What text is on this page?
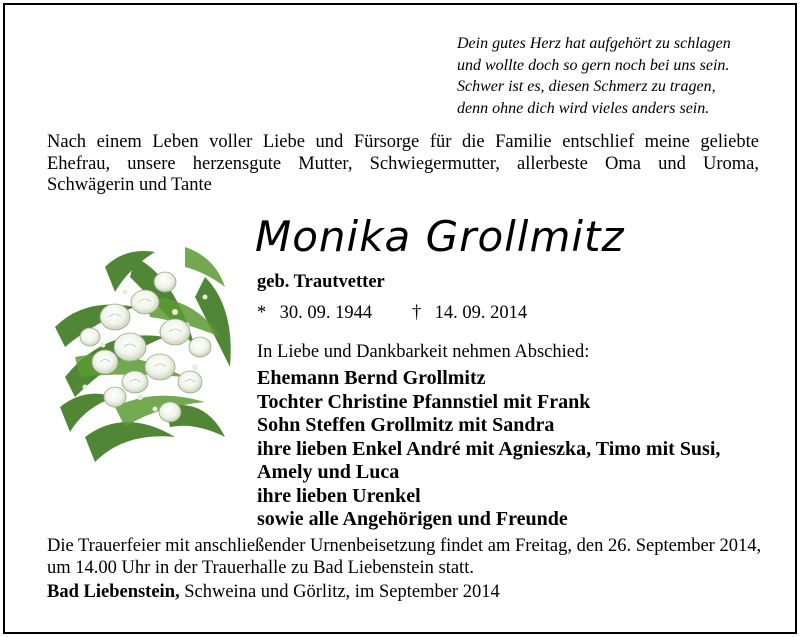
Dein gutes Herz hat aufgehört zu schlagen
und wollte doch so gern noch bei uns sein.
Schwer ist es, diesen Schmerz zu tragen,
denn ohne dich wird vieles anders sein.
Nach einem Leben voller Liebe und Fürsorge für die Familie entschlief meine geliebte
Ehefrau, unsere herzensgute Mutter, Schwiegermutter, allerbeste Oma und Uroma,
Schwägerin und Tante
Monika Grollmitz
geb. Trautvetter
* 30. 09. 1944 † 14. 09. 2014
In Liebe und Dankbarkeit nehmen Abschied:
Ehemann Bernd Grollmitz
Tochter Christine Pfannstiel mit Frank
Sohn Steffen Grollmitz mit Sandra
ihre lieben Enkel André mit Agnieszka, Timo mit Susi,
Amely und Luca
ihre lieben Urenkel
sowie alle Angehörigen und Freunde
Die Trauerfeier mit anschließender Urnenbeisetzung findet am Freitag, den 26. September 2014,
um 14.00 Uhr in der Trauerhalle zu Bad Liebenstein statt.
Bad Liebenstein, Schweina und Görlitz, im September 2014
